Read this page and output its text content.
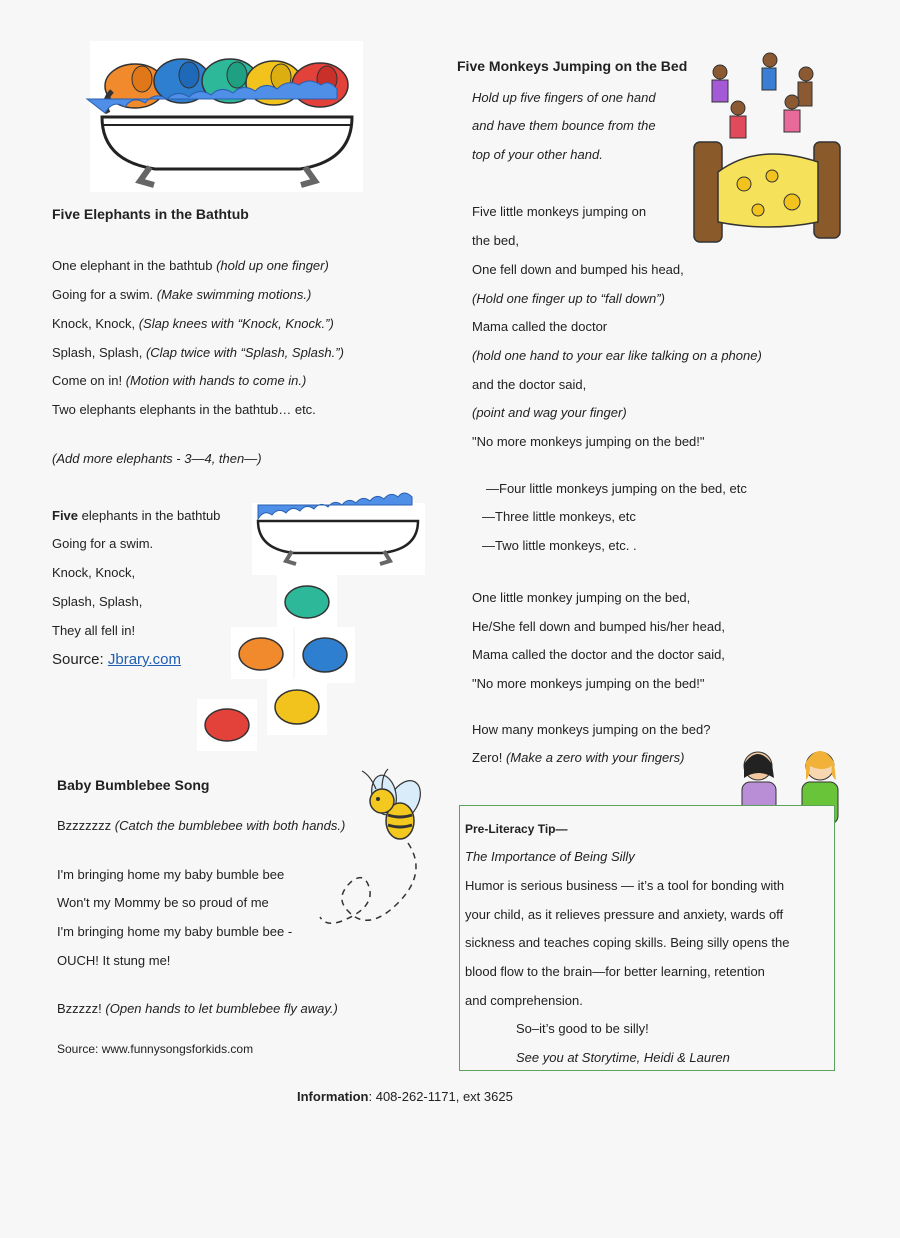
Five Elephants in the Bathtub
One elephant in the bathtub (hold up one finger)
Going for a swim. (Make swimming motions.)
Knock, Knock, (Slap knees with “Knock, Knock.”)
Splash, Splash, (Clap twice with “Splash, Splash.”)
Come on in! (Motion with hands to come in.)
Two elephants elephants in the bathtub… etc.
(Add more elephants - 3—4, then—)
Five elephants in the bathtub
Going for a swim.
Knock, Knock,
Splash, Splash,
They all fell in!
Source: Jbrary.com
Baby Bumblebee Song
Bzzzzzzz (Catch the bumblebee with both hands.)
I'm bringing home my baby bumble bee
Won't my Mommy be so proud of me
I'm bringing home my baby bumble bee -
OUCH! It stung me!
Bzzzzz! (Open hands to let bumblebee fly away.)
Source: www.funnysongsforkids.com
Five Monkeys Jumping on the Bed
Hold up five fingers of one hand
and have them bounce from the
top of your other hand.
Five little monkeys jumping on
the bed,
One fell down and bumped his head,
(Hold one finger up to “fall down”)
Mama called the doctor
(hold one hand to your ear like talking on a phone)
and the doctor said,
(point and wag your finger)
"No more monkeys jumping on the bed!"
—Four little monkeys jumping on the bed, etc
—Three little monkeys, etc
—Two little monkeys, etc. .
One little monkey jumping on the bed,
He/She fell down and bumped his/her head,
Mama called the doctor and the doctor said,
"No more monkeys jumping on the bed!"
How many monkeys jumping on the bed?
Zero! (Make a zero with your fingers)
Pre-Literacy Tip—
The Importance of Being Silly
Humor is serious business — it’s a tool for bonding with
your child, as it relieves pressure and anxiety, wards off
sickness and teaches coping skills. Being silly opens the
blood flow to the brain—for better learning, retention
and comprehension.
So–it’s good to be silly!
See you at Storytime, Heidi & Lauren
Information: 408-262-1171, ext 3625
